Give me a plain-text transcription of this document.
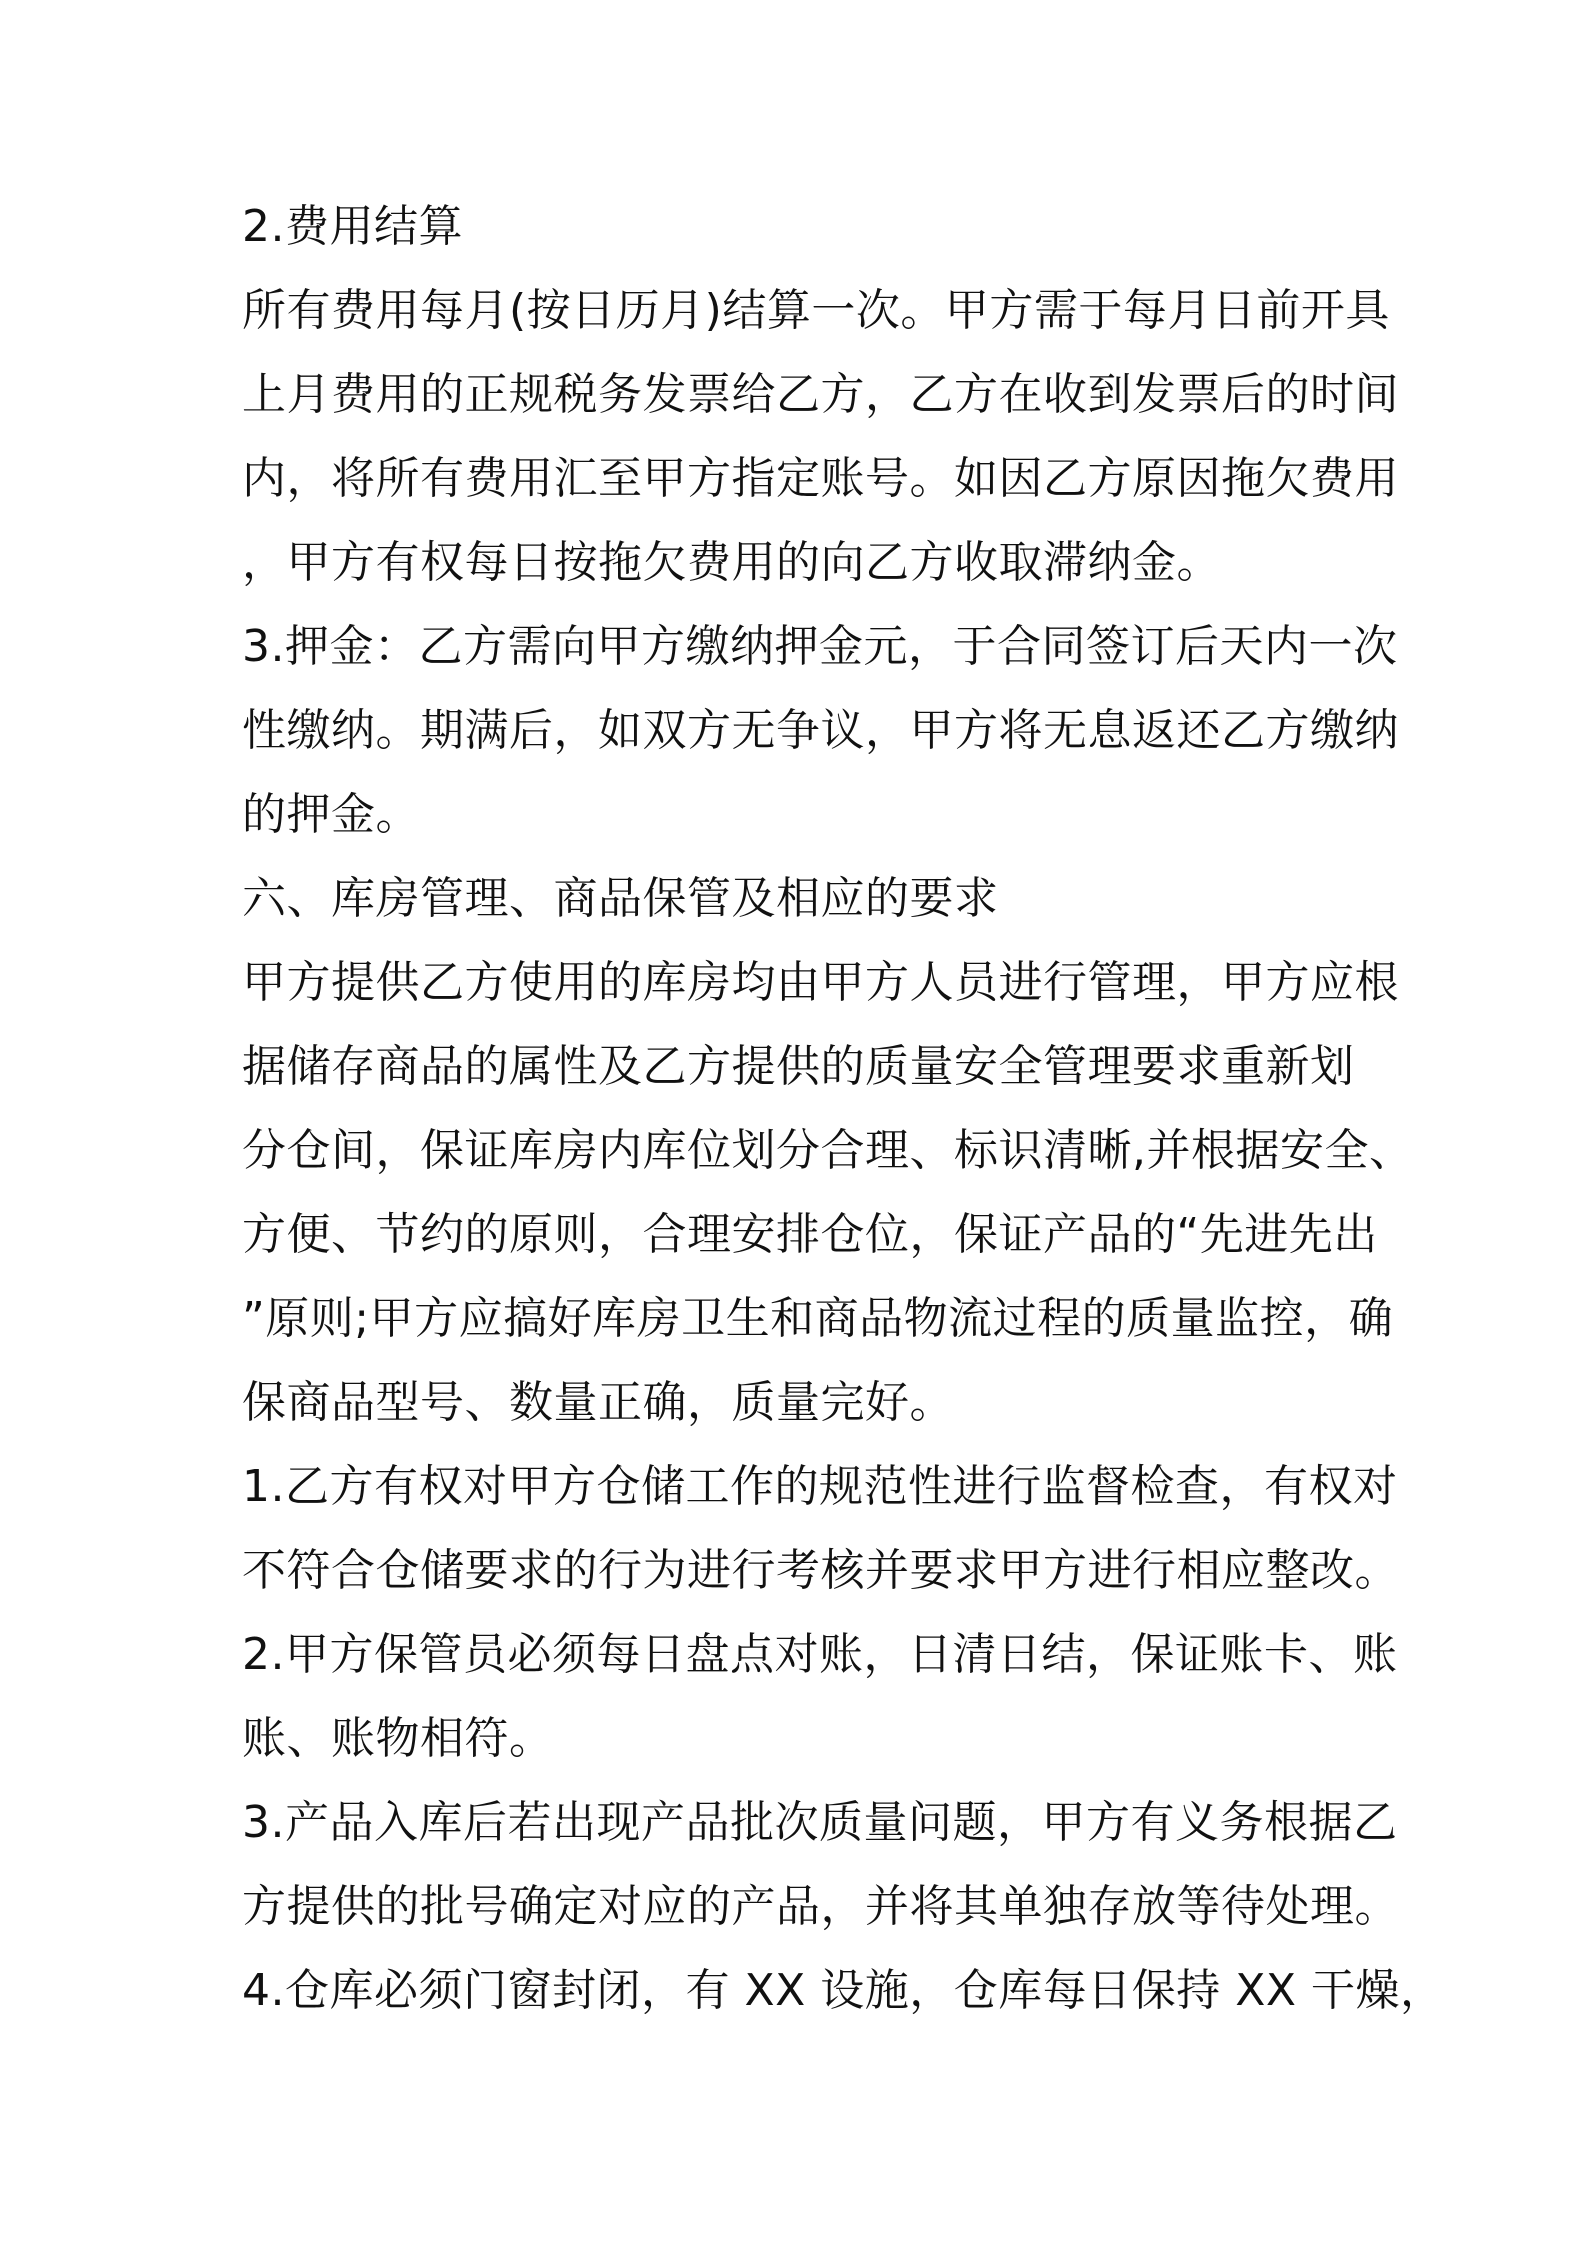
2.费用结算
所有费用每月(按日历月)结算一次。甲方需于每月日前开具
上月费用的正规税务发票给乙方，乙方在收到发票后的时间
内，将所有费用汇至甲方指定账号。如因乙方原因拖欠费用
，甲方有权每日按拖欠费用的向乙方收取滞纳金。
3.押金：乙方需向甲方缴纳押金元，于合同签订后天内一次
性缴纳。期满后，如双方无争议，甲方将无息返还乙方缴纳
的押金。
六、库房管理、商品保管及相应的要求
甲方提供乙方使用的库房均由甲方人员进行管理，甲方应根
据储存商品的属性及乙方提供的质量安全管理要求重新划
分仓间，保证库房内库位划分合理、标识清晰,并根据安全、
方便、节约的原则，合理安排仓位，保证产品的“先进先出
”原则;甲方应搞好库房卫生和商品物流过程的质量监控，确
保商品型号、数量正确，质量完好。
1.乙方有权对甲方仓储工作的规范性进行监督检查，有权对
不符合仓储要求的行为进行考核并要求甲方进行相应整改。
2.甲方保管员必须每日盘点对账，日清日结，保证账卡、账
账、账物相符。
3.产品入库后若出现产品批次质量问题，甲方有义务根据乙
方提供的批号确定对应的产品，并将其单独存放等待处理。
4.仓库必须门窗封闭，有 XX 设施，仓库每日保持 XX 干燥，
